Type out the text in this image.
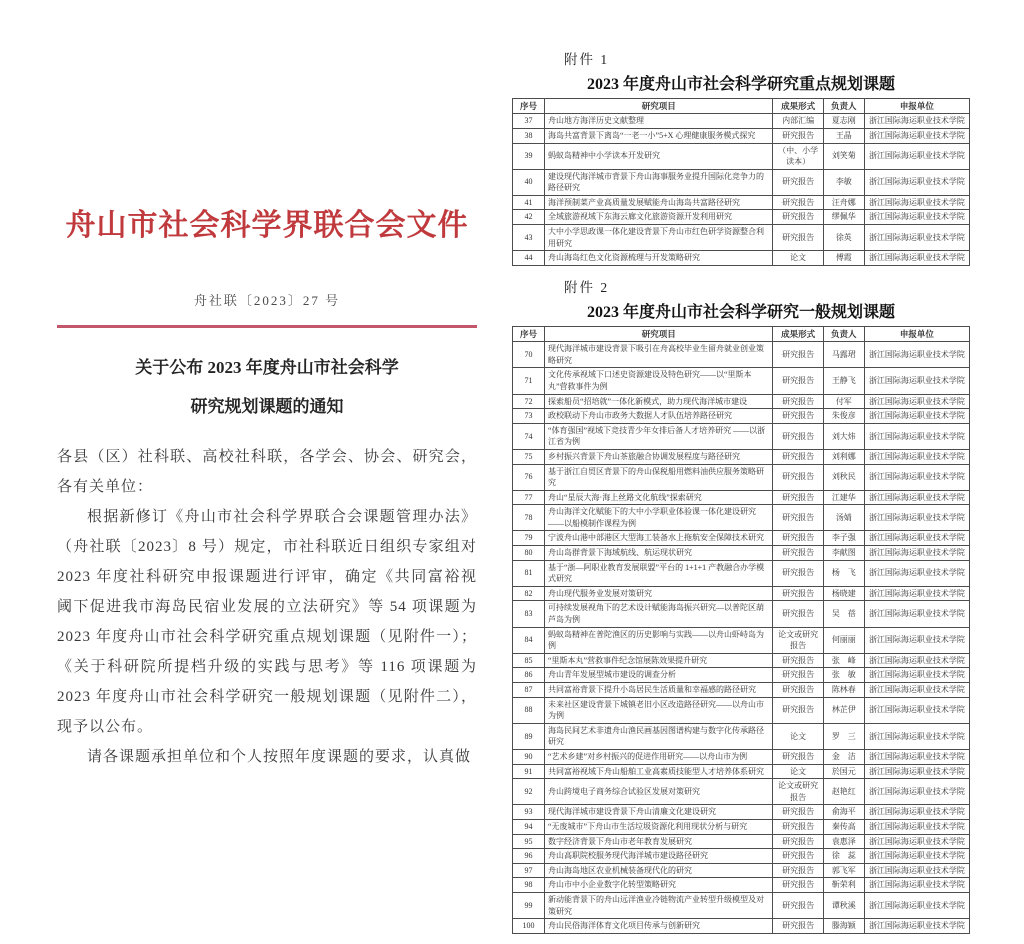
舟山市社会科学界联合会文件
舟社联〔2023〕27 号
关于公布 2023 年度舟山市社会科学
研究规划课题的通知

各县（区）社科联、高校社科联，各学会、协会、研究会，各有关单位：

根据新修订《舟山市社会科学界联合会课题管理办法》（舟社联〔2023〕8 号）规定，市社科联近日组织专家组对 2023 年度社科研究申报课题进行评审，确定《共同富裕视阈下促进我市海岛民宿业发展的立法研究》等 54 项课题为 2023 年度舟山市社会科学研究重点规划课题（见附件一）；《关于科研院所提档升级的实践与思考》等 116 项课题为 2023 年度舟山市社会科学研究一般规划课题（见附件二），现予以公布。

请各课题承担单位和个人按照年度课题的要求，认真做

附件 1
2023 年度舟山市社会科学研究重点规划课题
序号	研究项目	成果形式	负责人	申报单位
37	舟山地方海洋历史文献整理	内部汇编	夏志刚	浙江国际海运职业技术学院
38	海岛共富背景下离岛“一老一小”5+X 心理健康服务模式探究	研究报告	王晶	浙江国际海运职业技术学院
39	蚂蚁岛精神中小学读本开发研究	（中、小学读本）	刘笑菊	浙江国际海运职业技术学院
40	建设现代海洋城市背景下舟山海事服务业提升国际化竞争力的路径研究	研究报告	李敏	浙江国际海运职业技术学院
41	海洋预制菜产业高质量发展赋能舟山海岛共富路径研究	研究报告	汪舟娜	浙江国际海运职业技术学院
42	全域旅游视域下东海云廊文化旅游资源开发利用研究	研究报告	缪佩华	浙江国际海运职业技术学院
43	大中小学思政课一体化建设背景下舟山市红色研学资源整合利用研究	研究报告	徐英	浙江国际海运职业技术学院
44	舟山海岛红色文化资源梳理与开发策略研究	论文	傅霞	浙江国际海运职业技术学院
附件 2
2023 年度舟山市社会科学研究一般规划课题
序号	研究项目	成果形式	负责人	申报单位
70	现代海洋城市建设背景下吸引在舟高校毕业生留舟就业创业策略研究	研究报告	马露珺	浙江国际海运职业技术学院
71	文化传承视域下口述史资源建设及特色研究——以“里斯本丸”营救事件为例	研究报告	王静飞	浙江国际海运职业技术学院
72	探索船员“招培就”一体化新模式，助力现代海洋城市建设	研究报告	付军	浙江国际海运职业技术学院
73	政校联动下舟山市政务大数据人才队伍培养路径研究	研究报告	朱俊彦	浙江国际海运职业技术学院
74	“体育强国”视域下竞技青少年女排后备人才培养研究 ——以浙江省为例	研究报告	刘大炜	浙江国际海运职业技术学院
75	乡村振兴背景下舟山茶旅融合协调发展程度与路径研究	研究报告	刘利娜	浙江国际海运职业技术学院
76	基于浙江自贸区背景下的舟山保税船用燃料油供应服务策略研究	研究报告	刘秋民	浙江国际海运职业技术学院
77	舟山“星辰大海·海上丝路文化航线”探索研究	研究报告	江建华	浙江国际海运职业技术学院
78	舟山海洋文化赋能下的大中小学职业体验课一体化建设研究——以船模制作课程为例	研究报告	汤婧	浙江国际海运职业技术学院
79	宁波舟山港中部港区大型海工装备水上拖航安全保障技术研究	研究报告	李子强	浙江国际海运职业技术学院
80	舟山岛群背景下海域航线、航运现状研究	研究报告	李献图	浙江国际海运职业技术学院
81	基于“浙—阿职业教育发展联盟”平台的 1+1+1 产教融合办学模式研究	研究报告	杨　飞	浙江国际海运职业技术学院
82	舟山现代服务业发展对策研究	研究报告	杨晓建	浙江国际海运职业技术学院
83	可持续发展视角下的艺术设计赋能海岛振兴研究—以普陀区葫芦岛为例	研究报告	吴　蓓	浙江国际海运职业技术学院
84	蚂蚁岛精神在普陀渔区的历史影响与实践——以舟山虾峙岛为例	论文或研究报告	何丽丽	浙江国际海运职业技术学院
85	“里斯本丸”营救事件纪念馆展陈效果提升研究	研究报告	张　峰	浙江国际海运职业技术学院
86	舟山青年发展型城市建设的调查分析	研究报告	张　敏	浙江国际海运职业技术学院
87	共同富裕背景下提升小岛居民生活质量和幸福感的路径研究	研究报告	陈林春	浙江国际海运职业技术学院
88	未来社区建设背景下城镇老旧小区改造路径研究——以舟山市为例	研究报告	林芷伊	浙江国际海运职业技术学院
89	海岛民间艺术非遗舟山渔民画基因图谱构建与数字化传承路径研究	论文	罗　三	浙江国际海运职业技术学院
90	“艺术乡建”对乡村振兴的促进作用研究——以舟山市为例	研究报告	金　洁	浙江国际海运职业技术学院
91	共同富裕视域下舟山船舶工业高素质技能型人才培养体系研究	论文	於国元	浙江国际海运职业技术学院
92	舟山跨境电子商务综合试验区发展对策研究	论文或研究报告	赵艳红	浙江国际海运职业技术学院
93	现代海洋城市建设背景下舟山清廉文化建设研究	研究报告	俞海平	浙江国际海运职业技术学院
94	“无废城市”下舟山市生活垃圾资源化利用现状分析与研究	研究报告	秦传高	浙江国际海运职业技术学院
95	数字经济背景下舟山市老年教育发展研究	研究报告	袁惠泽	浙江国际海运职业技术学院
96	舟山高职院校服务现代海洋城市建设路径研究	研究报告	徐　蕊	浙江国际海运职业技术学院
97	舟山海岛地区农业机械装备现代化的研究	研究报告	郭飞军	浙江国际海运职业技术学院
98	舟山市中小企业数字化转型策略研究	研究报告	靳荣利	浙江国际海运职业技术学院
99	新动能背景下的舟山远洋渔业冷链物流产业转型升级模型及对策研究	研究报告	谭秋溪	浙江国际海运职业技术学院
100	舟山民俗海洋体育文化项目传承与创新研究	研究报告	滕海颖	浙江国际海运职业技术学院
